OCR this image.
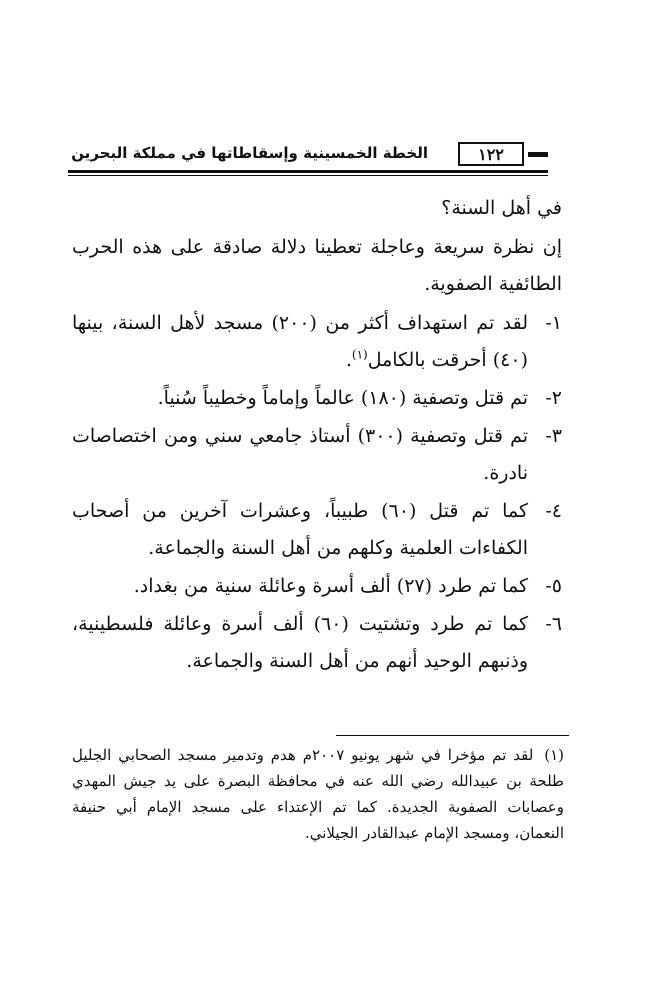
١٢٢
الخطة الخمسينية وإسقاطاتها في مملكة البحرين

في أهل السنة؟

إن نظرة سريعة وعاجلة تعطينا دلالة صادقة على هذه الحرب الطائفية الصفوية.

١-
لقد تم استهداف أكثر من (٢٠٠) مسجد لأهل السنة، بينها (٤٠) أحرقت بالكامل$^{(١)}$.
٢-
تم قتل وتصفية (١٨٠) عالماً وإماماً وخطيباً سُنياً.
٣-
تم قتل وتصفية (٣٠٠) أستاذ جامعي سني ومن اختصاصات نادرة.
٤-
كما تم قتل (٦٠) طبيباً، وعشرات آخرين من أصحاب الكفاءات العلمية وكلهم من أهل السنة والجماعة.
٥-
كما تم طرد (٢٧) ألف أسرة وعائلة سنية من بغداد.
٦-
كما تم طرد وتشتيت (٦٠) ألف أسرة وعائلة فلسطينية، وذنبهم الوحيد أنهم من أهل السنة والجماعة.
(١) لقد تم مؤخرا في شهر يونيو ٢٠٠٧م هدم وتدمير مسجد الصحابي الجليل طلحة بن عبيدالله رضي الله عنه في محافظة البصرة على يد جيش المهدي وعصابات الصفوية الجديدة. كما تم الإعتداء على مسجد الإمام أبي حنيفة النعمان، ومسجد الإمام عبدالقادر الجيلاني.
